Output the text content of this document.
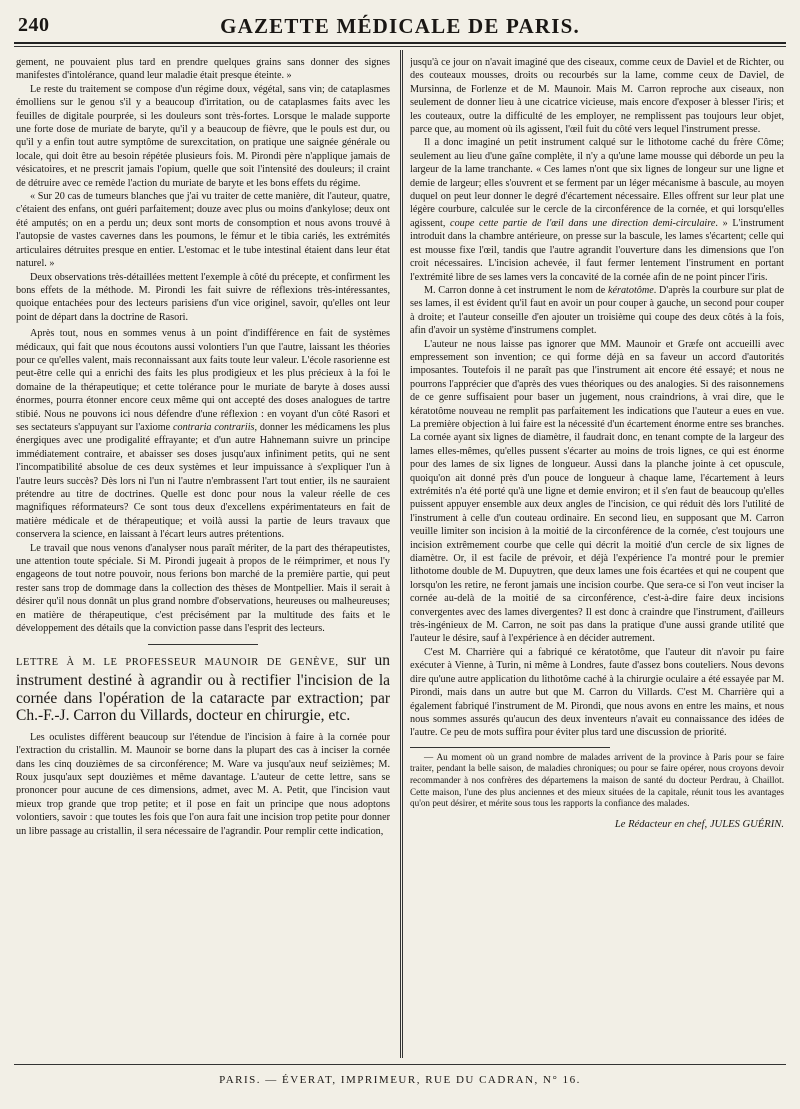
240	GAZETTE MÉDICALE DE PARIS.

gement, ne pouvaient plus tard en prendre quelques grains sans donner des signes manifestes d'intolérance, quand leur maladie était presque éteinte. »

Le reste du traitement se compose d'un régime doux, végétal, sans vin; de cataplasmes émolliens sur le genou s'il y a beaucoup d'irritation, ou de cataplasmes faits avec les feuilles de digitale pourprée, si les douleurs sont très-fortes. Lorsque le malade supporte une forte dose de muriate de baryte, qu'il y a beaucoup de fièvre, que le pouls est dur, ou qu'il y a enfin tout autre symptôme de surexcitation, on pratique une saignée générale ou locale, qui doit être au besoin répétée plusieurs fois. M. Pirondi père n'applique jamais de vésicatoires, et ne prescrit jamais l'opium, quelle que soit l'intensité des douleurs; il craint de détruire avec ce remède l'action du muriate de baryte et les bons effets du régime.

« Sur 20 cas de tumeurs blanches que j'ai vu traiter de cette manière, dit l'auteur, quatre, c'étaient des enfans, ont guéri parfaitement; douze avec plus ou moins d'ankylose; deux ont été amputés; on en a perdu un; deux sont morts de consomption et nous avons trouvé à l'autopsie de vastes cavernes dans les poumons, le fémur et le tibia cariés, les extrémités articulaires détruites presque en entier. L'estomac et le tube intestinal étaient dans leur état naturel. »

Deux observations très-détaillées mettent l'exemple à côté du précepte, et confirment les bons effets de la méthode. M. Pirondi les fait suivre de réflexions très-intéressantes, quoique entachées pour des lecteurs parisiens d'un vice originel, savoir, qu'elles ont leur point de départ dans la doctrine de Rasori.

Après tout, nous en sommes venus à un point d'indifférence en fait de systèmes médicaux, qui fait que nous écoutons aussi volontiers l'un que l'autre, laissant les théories pour ce qu'elles valent, mais reconnaissant aux faits toute leur valeur. L'école rasorienne est peut-être celle qui a enrichi des faits les plus prodigieux et les plus précieux à la foi le domaine de la thérapeutique; et cette tolérance pour le muriate de baryte à doses aussi énormes, pourra étonner encore ceux même qui ont accepté des doses analogues de tartre stibié. Nous ne pouvons ici nous défendre d'une réflexion : en voyant d'un côté Rasori et ses sectateurs s'appuyant sur l'axiome contraria contrariis, donner les médicamens les plus énergiques avec une prodigalité effrayante; et d'un autre Hahnemann suivre un principe immédiatement contraire, et abaisser ses doses jusqu'aux infiniment petits, qui ne sent l'incompatibilité absolue de ces deux systèmes et leur impuissance à s'expliquer l'un à l'autre leurs succès? Dès lors ni l'un ni l'autre n'embrassent l'art tout entier, ils ne sauraient prétendre au titre de doctrines. Quelle est donc pour nous la valeur réelle de ces magnifiques réformateurs? Ce sont tous deux d'excellens expérimentateurs en fait de matière médicale et de thérapeutique; et voilà aussi la partie de leurs travaux que conservera la science, en laissant à l'écart leurs autres prétentions.

Le travail que nous venons d'analyser nous paraît mériter, de la part des thérapeutistes, une attention toute spéciale. Si M. Pirondi jugeait à propos de le réimprimer, et nous l'y engageons de tout notre pouvoir, nous ferions bon marché de la première partie, qui peut rester sans trop de dommage dans la collection des thèses de Montpellier. Mais il serait à désirer qu'il nous donnât un plus grand nombre d'observations, heureuses ou malheureuses; en matière de thérapeutique, c'est précisément par la multitude des faits et le développement des détails que la conviction passe dans l'esprit des lecteurs.

LETTRE À M. LE PROFESSEUR MAUNOIR DE GENÈVE, sur un instrument destiné à agrandir ou à rectifier l'incision de la cornée dans l'opération de la cataracte par extraction; par Ch.-F.-J. Carron du Villards, docteur en chirurgie, etc.

Les oculistes diffèrent beaucoup sur l'étendue de l'incision à faire à la cornée pour l'extraction du cristallin. M. Maunoir se borne dans la plupart des cas à inciser la cornée dans les cinq douzièmes de sa circonférence; M. Ware va jusqu'aux neuf seizièmes; M. Roux jusqu'aux sept douzièmes et même davantage. L'auteur de cette lettre, sans se prononcer pour aucune de ces dimensions, admet, avec M. A. Petit, que l'incision vaut mieux trop grande que trop petite; et il pose en fait un principe que nous adoptons volontiers, savoir : que toutes les fois que l'on aura fait une incision trop petite pour donner un libre passage au cristallin, il sera nécessaire de l'agrandir. Pour remplir cette indication,

jusqu'à ce jour on n'avait imaginé que des ciseaux, comme ceux de Daviel et de Richter, ou des couteaux mousses, droits ou recourbés sur la lame, comme ceux de Daviel, de Mursinna, de Forlenze et de M. Maunoir. Mais M. Carron reproche aux ciseaux, non seulement de donner lieu à une cicatrice vicieuse, mais encore d'exposer à blesser l'iris; et les couteaux, outre la difficulté de les employer, ne remplissent pas toujours leur objet, parce que, au moment où ils agissent, l'œil fuit du côté vers lequel l'instrument presse.

Il a donc imaginé un petit instrument calqué sur le lithotome caché du frère Côme; seulement au lieu d'une gaîne complète, il n'y a qu'une lame mousse qui déborde un peu la largeur de la lame tranchante. « Ces lames n'ont que six lignes de longeur sur une ligne et demie de largeur; elles s'ouvrent et se ferment par un léger mécanisme à bascule, au moyen duquel on peut leur donner le degré d'écartement nécessaire. Elles offrent sur leur plat une légère courbure, calculée sur le cercle de la circonférence de la cornée, et qui lorsqu'elles agissent, coupe cette partie de l'œil dans une direction demi-circulaire. » L'instrument introduit dans la chambre antérieure, on presse sur la bascule, les lames s'écartent; celle qui est mousse fixe l'œil, tandis que l'autre agrandit l'ouverture dans les dimensions que l'on croit nécessaires. L'incision achevée, il faut fermer lentement l'instrument en portant l'extrémité libre de ses lames vers la concavité de la cornée afin de ne point pincer l'iris.

M. Carron donne à cet instrument le nom de kératotôme. D'après la courbure sur plat de ses lames, il est évident qu'il faut en avoir un pour couper à gauche, un second pour couper à droite; et l'auteur conseille d'en ajouter un troisième qui coupe des deux côtés à la fois, afin d'avoir un système d'instrumens complet.

L'auteur ne nous laisse pas ignorer que MM. Maunoir et Græfe ont accueilli avec empressement son invention; ce qui forme déjà en sa faveur un accord d'autorités imposantes. Toutefois il ne paraît pas que l'instrument ait encore été essayé; et nous ne pourrons l'apprécier que d'après des vues théoriques ou des analogies. Si des raisonnemens de ce genre suffisaient pour baser un jugement, nous craindrions, à vrai dire, que le kératotôme nouveau ne remplit pas parfaitement les indications que l'auteur a eues en vue. La première objection à lui faire est la nécessité d'un écartement énorme entre ses branches. La cornée ayant six lignes de diamètre, il faudrait donc, en tenant compte de la largeur des lames elles-mêmes, qu'elles pussent s'écarter au moins de trois lignes, ce qui est énorme pour des lames de six lignes de longueur. Aussi dans la planche jointe à cet opuscule, quoiqu'on ait donné près d'un pouce de longueur à chaque lame, l'écartement à leurs extrémités n'a été porté qu'à une ligne et demie environ; et il s'en faut de beaucoup qu'elles puissent appuyer ensemble aux deux angles de l'incision, ce qui réduit dès lors l'utilité de l'instrument à celle d'un couteau ordinaire. En second lieu, en supposant que M. Carron veuille limiter son incision à la moitié de la circonférence de la cornée, c'est toujours une incision extrêmement courbe que celle qui décrit la moitié d'un cercle de six lignes de diamètre. Or, il est facile de prévoir, et déjà l'expérience l'a montré pour le premier lithotome double de M. Dupuytren, que deux lames une fois écartées et qui ne coupent que lorsqu'on les retire, ne feront jamais une incision courbe. Que sera-ce si l'on veut inciser la cornée au-delà de la moitié de sa circonférence, c'est-à-dire faire deux incisions convergentes avec des lames divergentes? Il est donc à craindre que l'instrument, d'ailleurs très-ingénieux de M. Carron, ne soit pas dans la pratique d'une aussi grande utilité que l'auteur le désire, sauf à l'expérience à en décider autrement.

C'est M. Charrière qui a fabriqué ce kératotôme, que l'auteur dit n'avoir pu faire exécuter à Vienne, à Turin, ni même à Londres, faute d'assez bons couteliers. Nous devons dire qu'une autre application du lithotôme caché à la chirurgie oculaire a été essayée par M. Pirondi, mais dans un autre but que M. Carron du Villards. C'est M. Charrière qui a également fabriqué l'instrument de M. Pirondi, que nous avons en entre les mains, et nous nous sommes assurés qu'aucun des deux inventeurs n'avait eu connaissance des idées de l'autre. Ce peu de mots suffira pour éviter plus tard une discussion de priorité.

— Au moment où un grand nombre de malades arrivent de la province à Paris pour se faire traiter, pendant la belle saison, de maladies chroniques; ou pour se faire opérer, nous croyons devoir recommander à nos confrères des départemens la maison de santé du docteur Perdrau, à Chaillot. Cette maison, l'une des plus anciennes et des mieux situées de la capitale, réunit tous les avantages qu'on peut désirer, et mérite sous tous les rapports la confiance des malades.

Le Rédacteur en chef, JULES GUÉRIN.

PARIS. — ÉVERAT, IMPRIMEUR, RUE DU CADRAN, N° 16.
